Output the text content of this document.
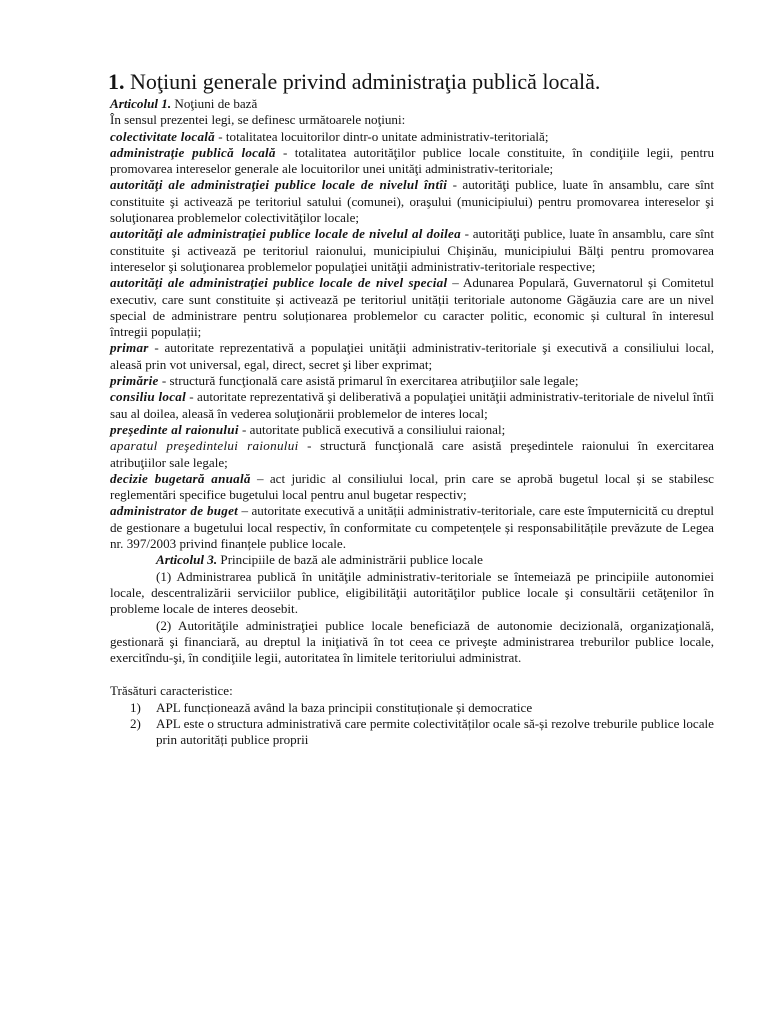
1. Noţiuni generale privind administraţia publică locală.

Articolul 1. Noţiuni de bază

În sensul prezentei legi, se definesc următoarele noţiuni:

colectivitate locală - totalitatea locuitorilor dintr-o unitate administrativ-teritorială;

administraţie publică locală - totalitatea autorităţilor publice locale constituite, în condiţiile legii, pentru promovarea intereselor generale ale locuitorilor unei unităţi administrativ-teritoriale;

autorităţi ale administraţiei publice locale de nivelul întîi - autorităţi publice, luate în ansamblu, care sînt constituite şi activează pe teritoriul satului (comunei), oraşului (municipiului) pentru promovarea intereselor şi soluţionarea problemelor colectivităţilor locale;

autorităţi ale administraţiei publice locale de nivelul al doilea - autorităţi publice, luate în ansamblu, care sînt constituite şi activează pe teritoriul raionului, municipiului Chişinău, municipiului Bălţi pentru promovarea intereselor şi soluţionarea problemelor populaţiei unităţii administrativ-teritoriale respective;

autorităţi ale administraţiei publice locale de nivel special – Adunarea Populară, Guvernatorul și Comitetul executiv, care sunt constituite și activează pe teritoriul unității teritoriale autonome Găgăuzia care are un nivel special de administrare pentru soluționarea problemelor cu caracter politic, economic și cultural în interesul întregii populații;

primar - autoritate reprezentativă a populaţiei unităţii administrativ-teritoriale şi executivă a consiliului local, aleasă prin vot universal, egal, direct, secret şi liber exprimat;

primărie - structură funcţională care asistă primarul în exercitarea atribuţiilor sale legale;

consiliu local - autoritate reprezentativă şi deliberativă a populaţiei unităţii administrativ-teritoriale de nivelul întîi sau al doilea, aleasă în vederea soluţionării problemelor de interes local;

preşedinte al raionului - autoritate publică executivă a consiliului raional;

aparatul preşedintelui raionului - structură funcţională care asistă preşedintele raionului în exercitarea atribuţiilor sale legale;

decizie bugetară anuală – act juridic al consiliului local, prin care se aprobă bugetul local și se stabilesc reglementări specifice bugetului local pentru anul bugetar respectiv;

administrator de buget – autoritate executivă a unității administrativ-teritoriale, care este împuternicită cu dreptul de gestionare a bugetului local respectiv, în conformitate cu competențele și responsabilitățile prevăzute de Legea nr. 397/2003 privind finanțele publice locale.

Articolul 3. Principiile de bază ale administrării publice locale

(1) Administrarea publică în unităţile administrativ-teritoriale se întemeiază pe principiile autonomiei locale, descentralizării serviciilor publice, eligibilităţii autorităţilor publice locale şi consultării cetăţenilor în probleme locale de interes deosebit.

(2) Autorităţile administraţiei publice locale beneficiază de autonomie decizională, organizaţională, gestionară şi financiară, au dreptul la iniţiativă în tot ceea ce priveşte administrarea treburilor publice locale, exercitîndu-şi, în condiţiile legii, autoritatea în limitele teritoriului administrat.

Trăsături caracteristice:

1) APL funcționează având la baza principii constituționale și democratice
2) APL este o structura administrativă care permite colectivităților ocale să-și rezolve treburile publice locale prin autorități publice proprii
